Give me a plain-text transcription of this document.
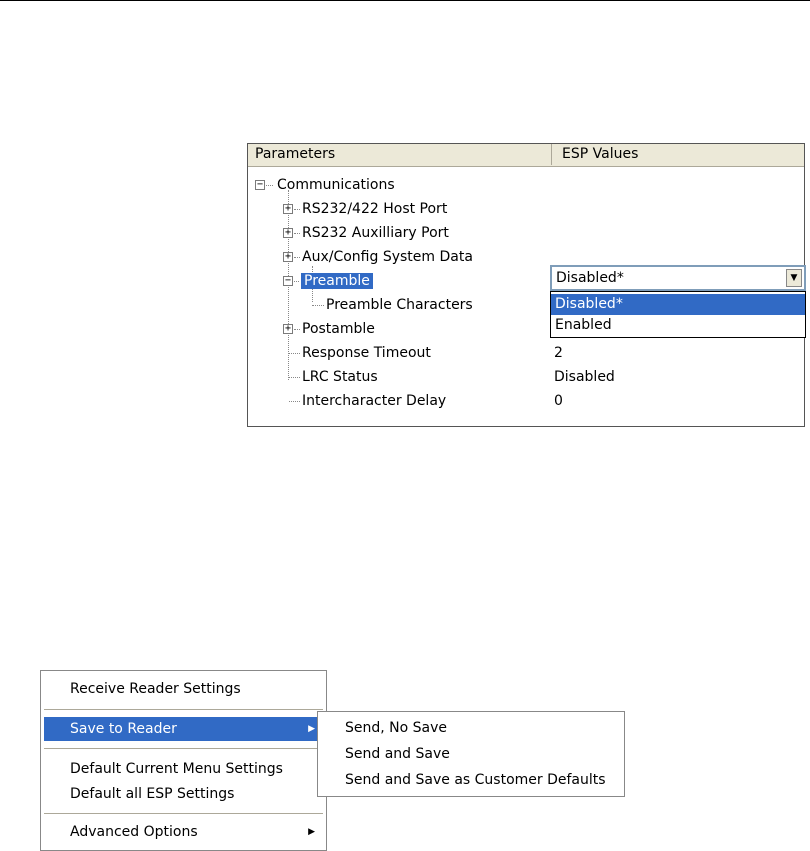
Parameters	ESP Values
− Communications
+ RS232/422 Host Port
+ RS232 Auxilliary Port
+ Aux/Config System Data
− Preamble
Preamble Characters
+ Postamble
Response Timeout	2
LRC Status	Disabled
Intercharacter Delay	0
Disabled*	▼
Disabled*
Enabled
Receive Reader Settings
Save to Reader	▶
Default Current Menu Settings
Default all ESP Settings
Advanced Options	▶
Send, No Save
Send and Save
Send and Save as Customer Defaults
